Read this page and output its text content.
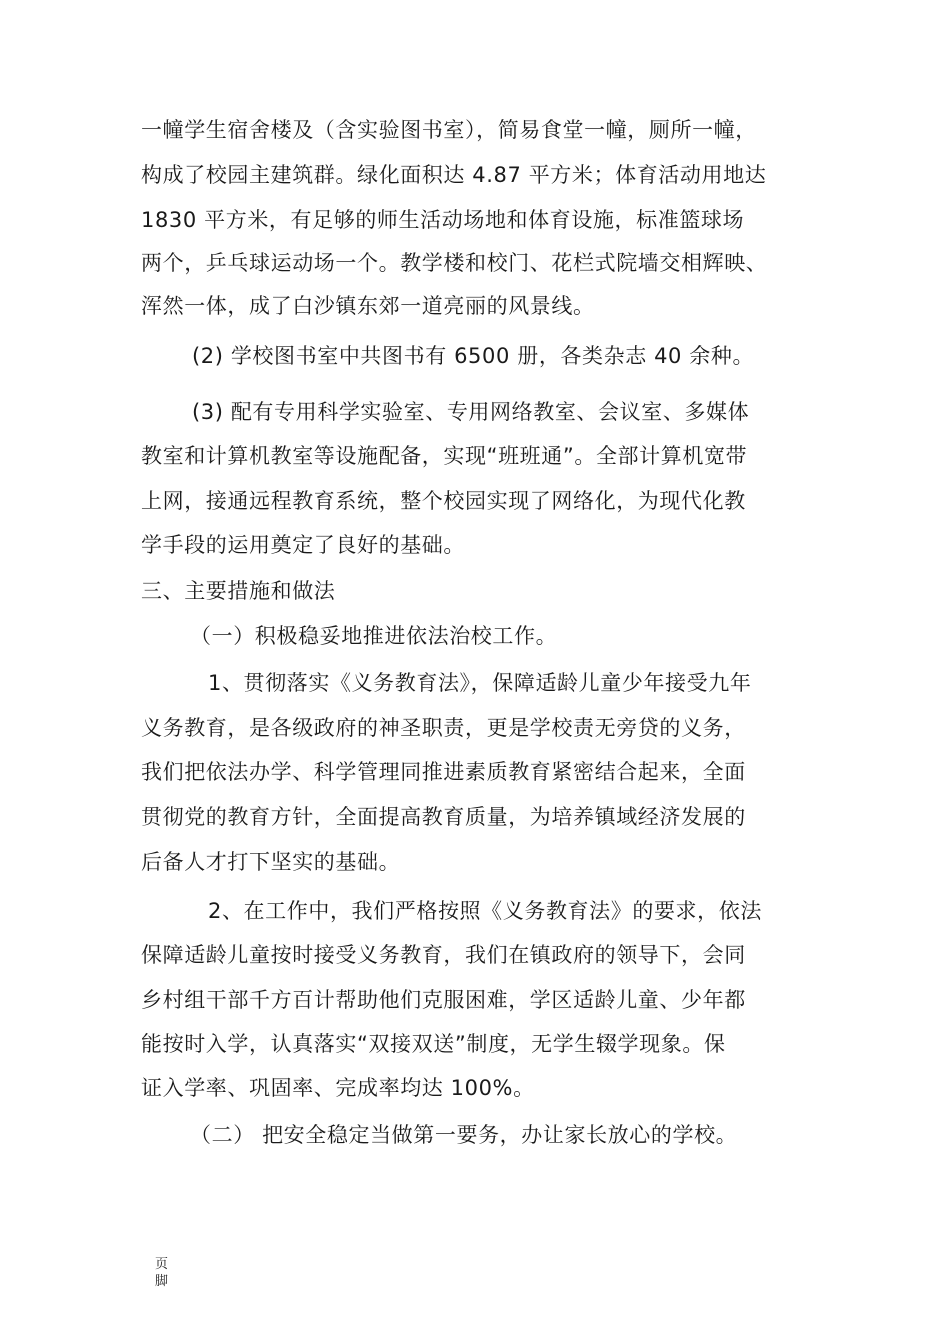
一幢学生宿舍楼及（含实验图书室），简易食堂一幢，厕所一幢，
构成了校园主建筑群。绿化面积达 4.87 平方米；体育活动用地达
1830 平方米，有足够的师生活动场地和体育设施，标准篮球场
两个，乒乓球运动场一个。教学楼和校门、花栏式院墙交相辉映、
浑然一体，成了白沙镇东郊一道亮丽的风景线。
(2) 学校图书室中共图书有 6500 册，各类杂志 40 余种。
(3) 配有专用科学实验室、专用网络教室、会议室、多媒体
教室和计算机教室等设施配备，实现“班班通”。全部计算机宽带
上网，接通远程教育系统，整个校园实现了网络化，为现代化教
学手段的运用奠定了良好的基础。
三、主要措施和做法
（一）积极稳妥地推进依法治校工作。
1、贯彻落实《义务教育法》，保障适龄儿童少年接受九年
义务教育，是各级政府的神圣职责，更是学校责无旁贷的义务，
我们把依法办学、科学管理同推进素质教育紧密结合起来，全面
贯彻党的教育方针，全面提高教育质量，为培养镇域经济发展的
后备人才打下坚实的基础。
2、在工作中，我们严格按照《义务教育法》的要求，依法
保障适龄儿童按时接受义务教育，我们在镇政府的领导下，会同
乡村组干部千方百计帮助他们克服困难，学区适龄儿童、少年都
能按时入学，认真落实“双接双送”制度，无学生辍学现象。保
证入学率、巩固率、完成率均达 100%。
（二） 把安全稳定当做第一要务，办让家长放心的学校。
页
脚
